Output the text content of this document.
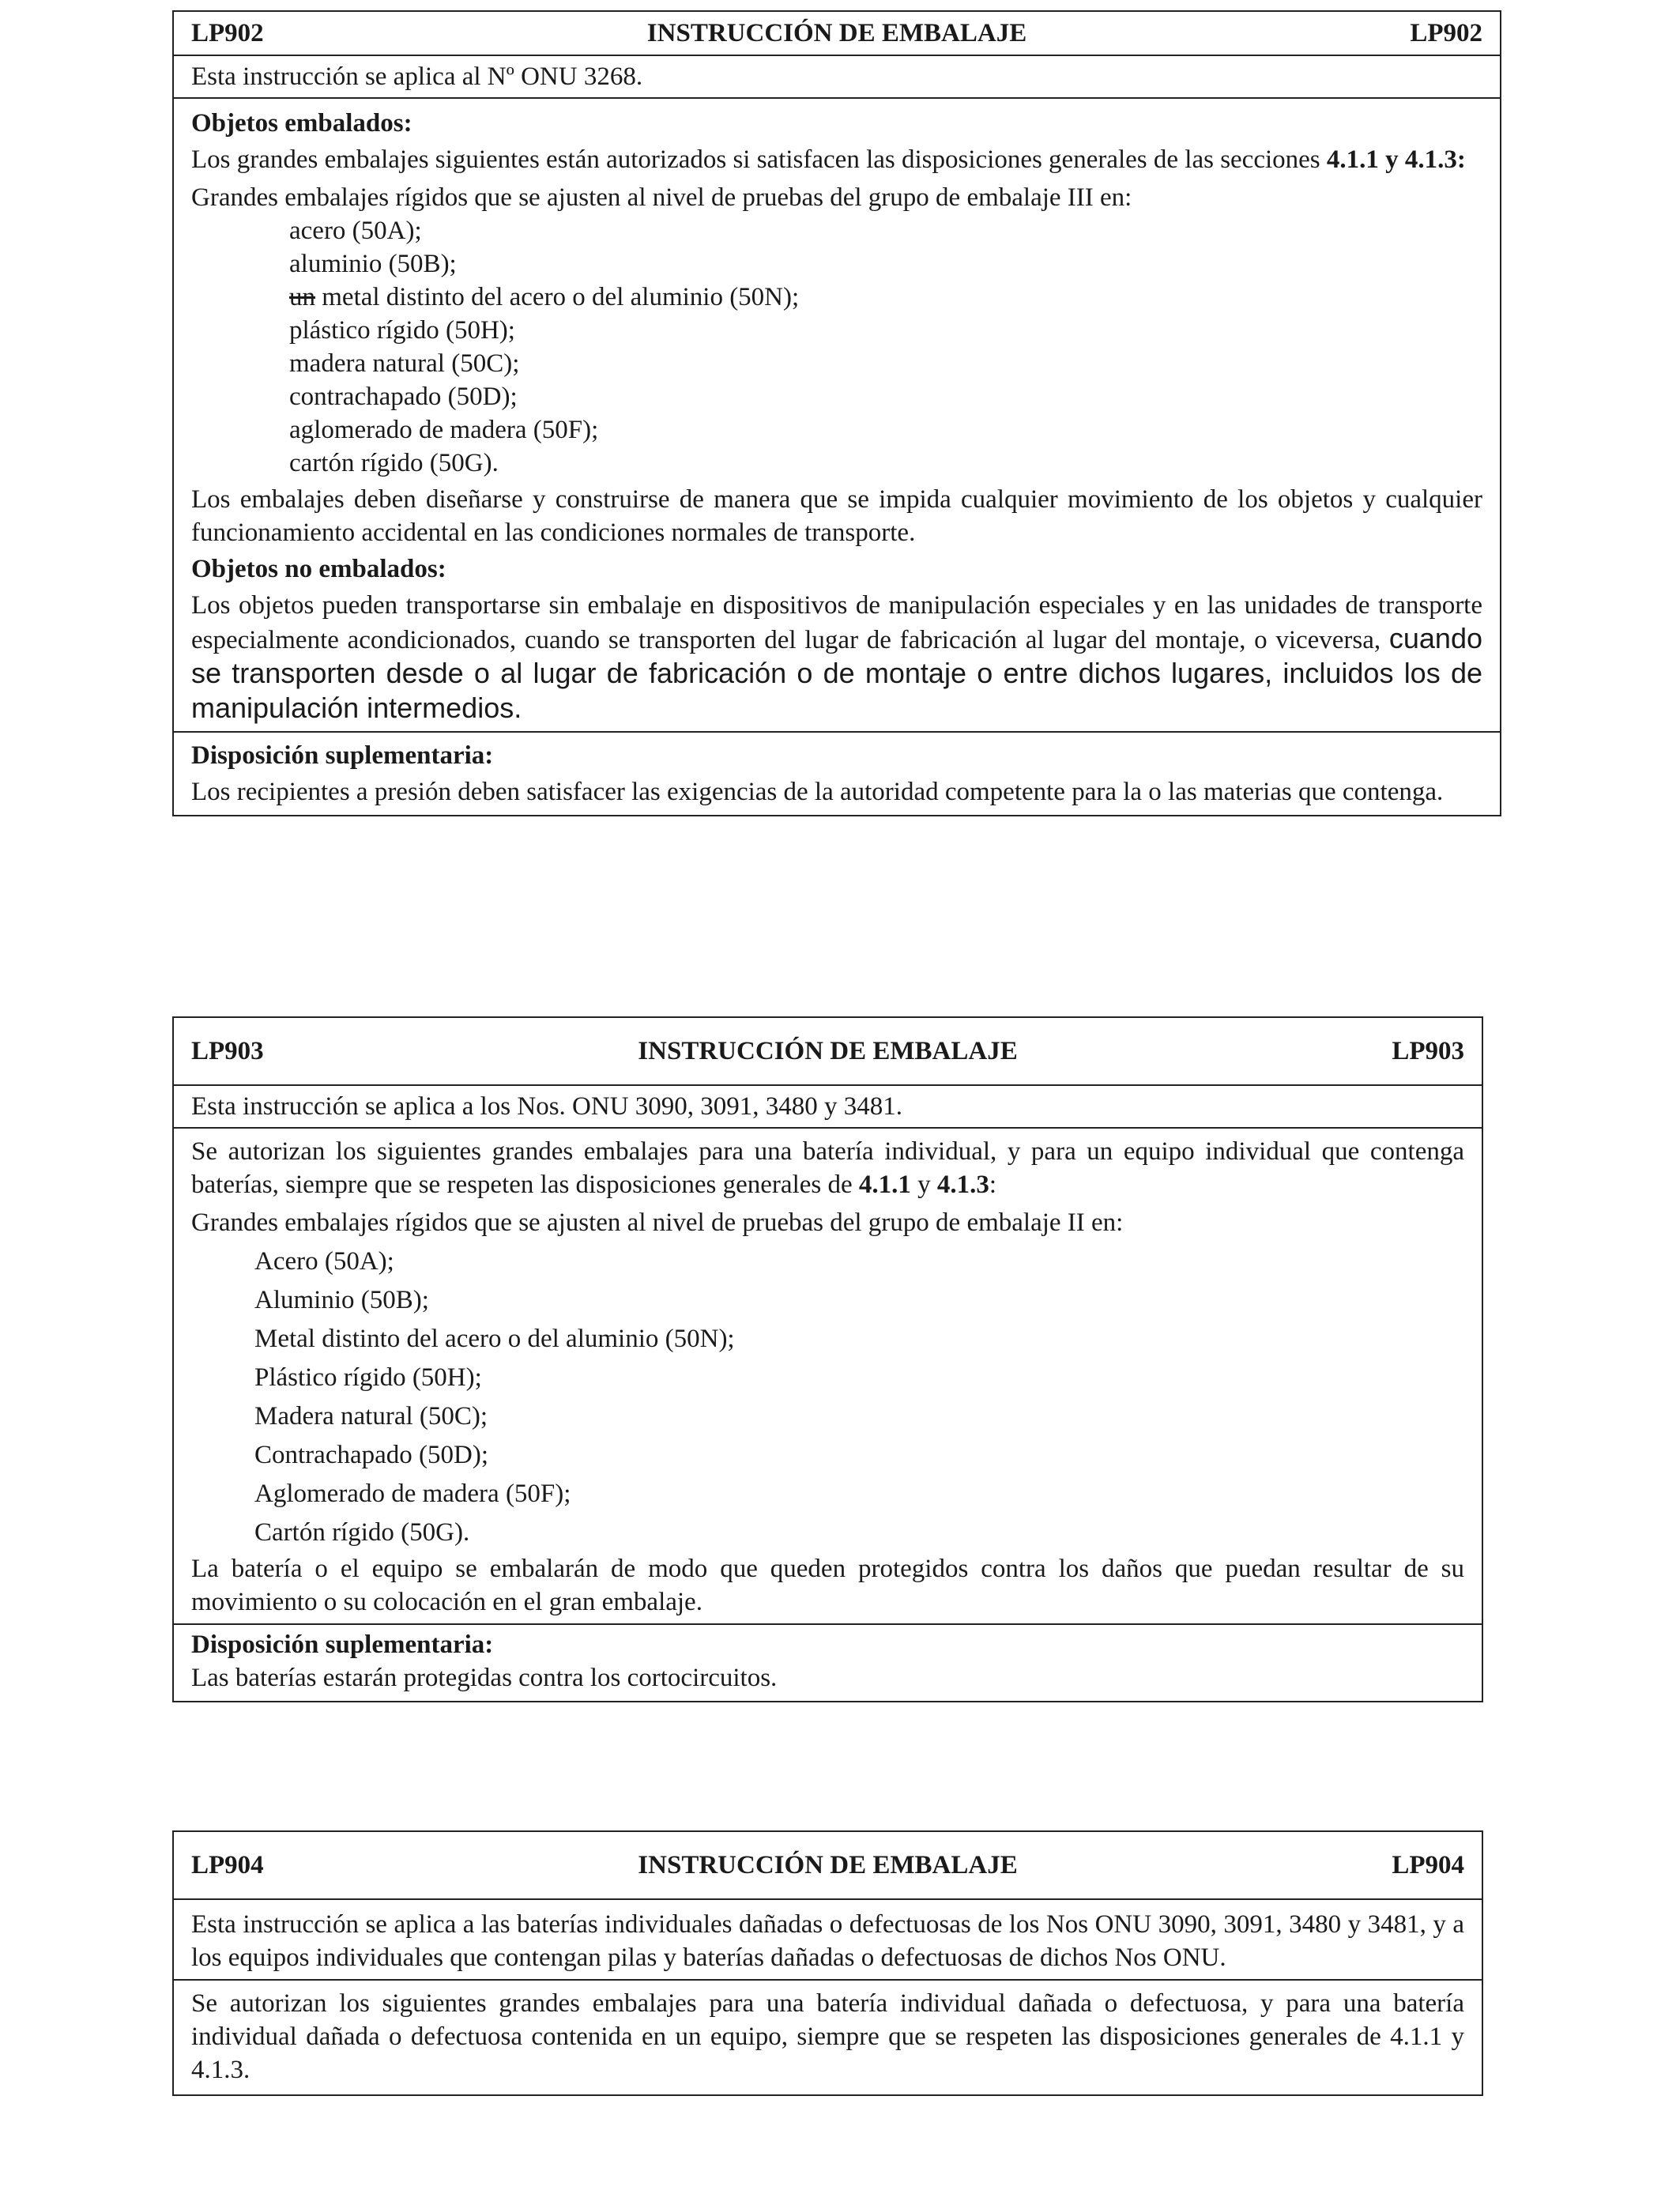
LP902	INSTRUCCIÓN DE EMBALAJE	LP902

Esta instrucción se aplica al Nº ONU 3268.

Objetos embalados:

Los grandes embalajes siguientes están autorizados si satisfacen las disposiciones generales de las secciones 4.1.1 y 4.1.3:

Grandes embalajes rígidos que se ajusten al nivel de pruebas del grupo de embalaje III en:

acero (50A);
aluminio (50B);
un metal distinto del acero o del aluminio (50N);
plástico rígido (50H);
madera natural (50C);
contrachapado (50D);
aglomerado de madera (50F);
cartón rígido (50G).

Los embalajes deben diseñarse y construirse de manera que se impida cualquier movimiento de los objetos y cualquier funcionamiento accidental en las condiciones normales de transporte.

Objetos no embalados:

Los objetos pueden transportarse sin embalaje en dispositivos de manipulación especiales y en las unidades de transporte especialmente acondicionados, cuando se transporten del lugar de fabricación al lugar del montaje, o viceversa, cuando se transporten desde o al lugar de fabricación o de montaje o entre dichos lugares, incluidos los de manipulación intermedios.

Disposición suplementaria:

Los recipientes a presión deben satisfacer las exigencias de la autoridad competente para la o las materias que contenga.

LP903	INSTRUCCIÓN DE EMBALAJE	LP903

Esta instrucción se aplica a los Nos. ONU 3090, 3091, 3480 y 3481.

Se autorizan los siguientes grandes embalajes para una batería individual, y para un equipo individual que contenga baterías, siempre que se respeten las disposiciones generales de 4.1.1 y 4.1.3:

Grandes embalajes rígidos que se ajusten al nivel de pruebas del grupo de embalaje II en:

Acero (50A);
Aluminio (50B);
Metal distinto del acero o del aluminio (50N);
Plástico rígido (50H);
Madera natural (50C);
Contrachapado (50D);
Aglomerado de madera (50F);
Cartón rígido (50G).

La batería o el equipo se embalarán de modo que queden protegidos contra los daños que puedan resultar de su movimiento o su colocación en el gran embalaje.

Disposición suplementaria:

Las baterías estarán protegidas contra los cortocircuitos.

LP904	INSTRUCCIÓN DE EMBALAJE	LP904

Esta instrucción se aplica a las baterías individuales dañadas o defectuosas de los Nos ONU 3090, 3091, 3480 y 3481, y a los equipos individuales que contengan pilas y baterías dañadas o defectuosas de dichos Nos ONU.

Se autorizan los siguientes grandes embalajes para una batería individual dañada o defectuosa, y para una batería individual dañada o defectuosa contenida en un equipo, siempre que se respeten las disposiciones generales de 4.1.1 y 4.1.3.
